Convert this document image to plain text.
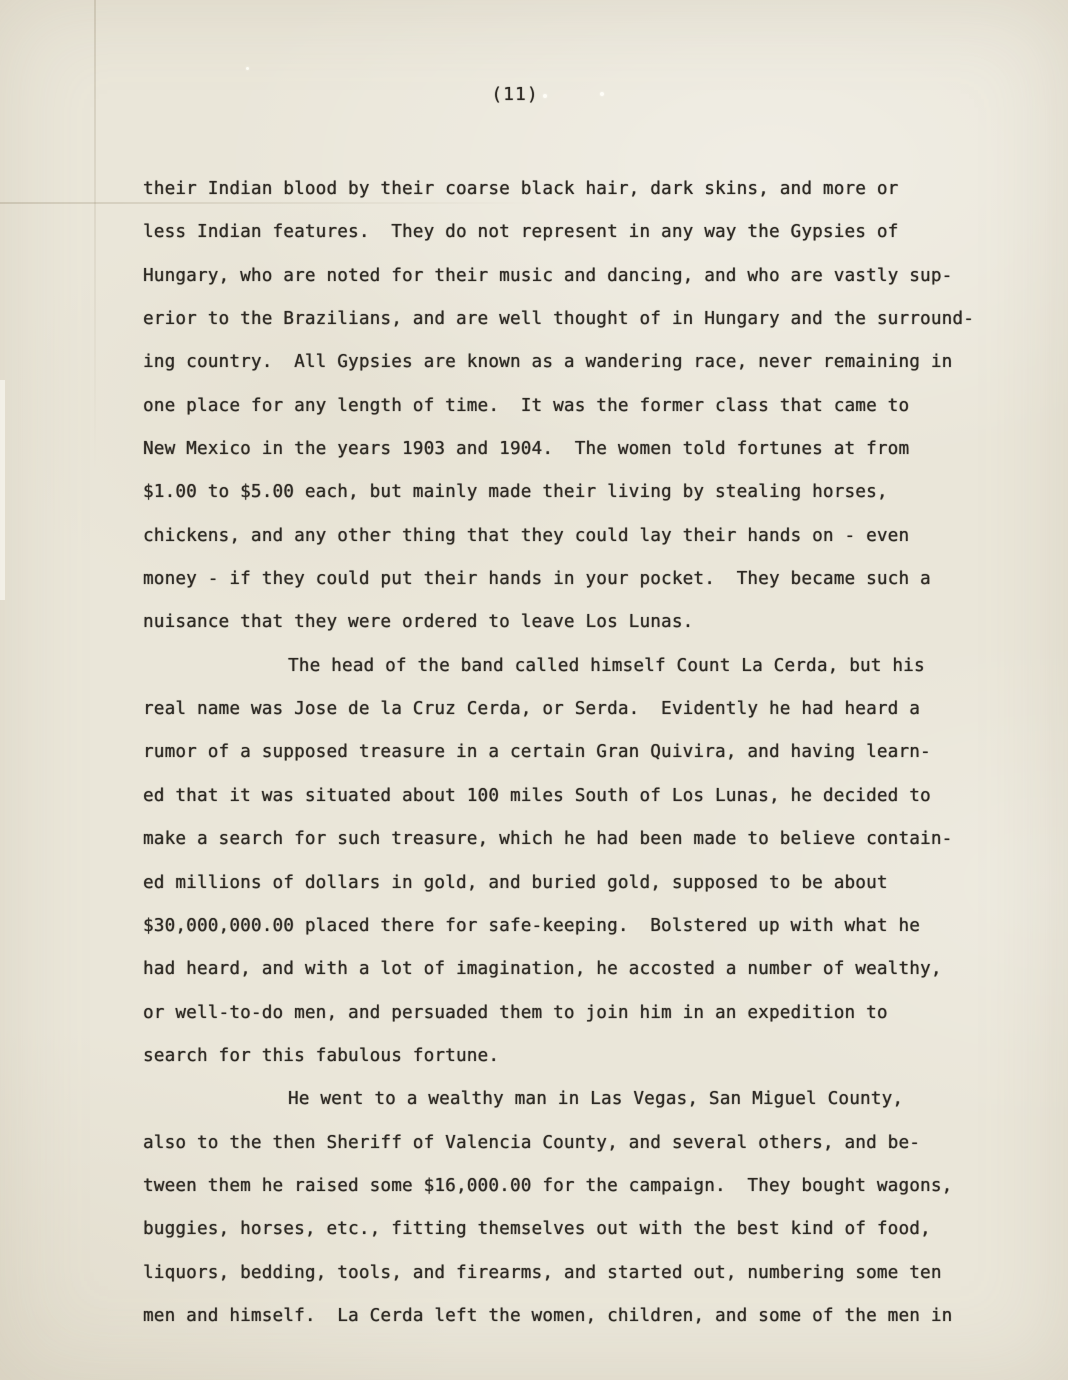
(11)
their Indian blood by their coarse black hair, dark skins, and more or
less Indian features.  They do not represent in any way the Gypsies of
Hungary, who are noted for their music and dancing, and who are vastly sup-
erior to the Brazilians, and are well thought of in Hungary and the surround-
ing country.  All Gypsies are known as a wandering race, never remaining in
one place for any length of time.  It was the former class that came to
New Mexico in the years 1903 and 1904.  The women told fortunes at from
$1.00 to $5.00 each, but mainly made their living by stealing horses,
chickens, and any other thing that they could lay their hands on - even
money - if they could put their hands in your pocket.  They became such a
nuisance that they were ordered to leave Los Lunas.
The head of the band called himself Count La Cerda, but his
real name was Jose de la Cruz Cerda, or Serda.  Evidently he had heard a
rumor of a supposed treasure in a certain Gran Quivira, and having learn-
ed that it was situated about 100 miles South of Los Lunas, he decided to
make a search for such treasure, which he had been made to believe contain-
ed millions of dollars in gold, and buried gold, supposed to be about
$30,000,000.00 placed there for safe-keeping.  Bolstered up with what he
had heard, and with a lot of imagination, he accosted a number of wealthy,
or well-to-do men, and persuaded them to join him in an expedition to
search for this fabulous fortune.
He went to a wealthy man in Las Vegas, San Miguel County,
also to the then Sheriff of Valencia County, and several others, and be-
tween them he raised some $16,000.00 for the campaign.  They bought wagons,
buggies, horses, etc., fitting themselves out with the best kind of food,
liquors, bedding, tools, and firearms, and started out, numbering some ten
men and himself.  La Cerda left the women, children, and some of the men in
